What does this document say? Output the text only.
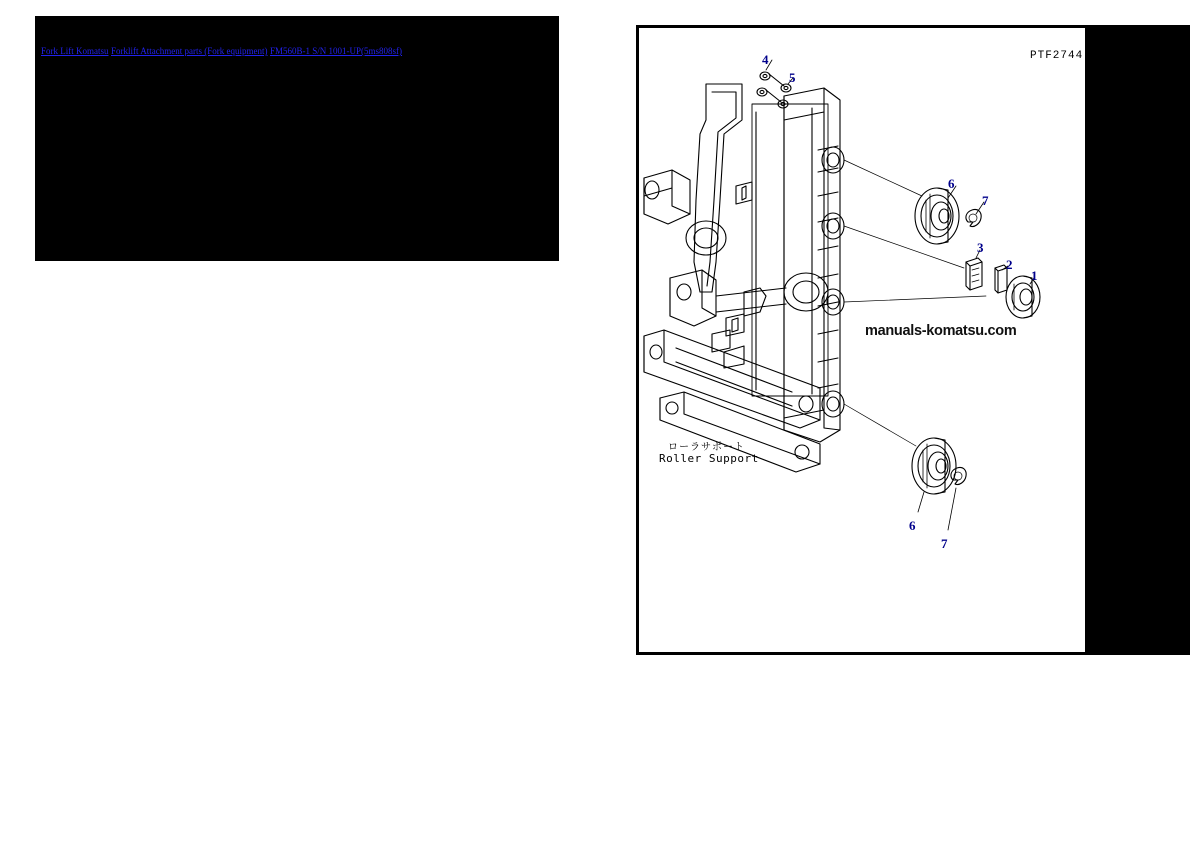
Fork Lift Komatsu Forklift Attachment parts (Fork equipment) FM560B-1 S/N 1001-UP(5ms808sf)	PTF2744
manuals-komatsu.com
ローラサポート
Roller Support
4
5
6
7
3
2
1
6
7
